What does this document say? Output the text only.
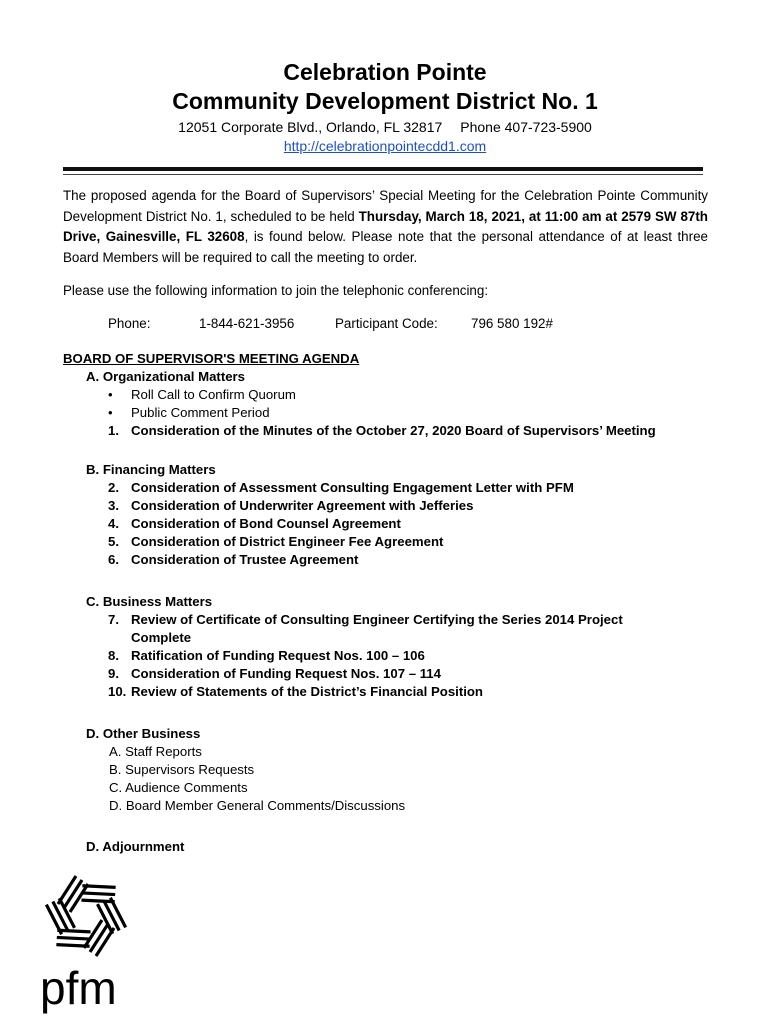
Celebration Pointe
Community Development District No. 1
12051 Corporate Blvd., Orlando, FL 32817 Phone 407-723-5900
http://celebrationpointecdd1.com
The proposed agenda for the Board of Supervisors’ Special Meeting for the Celebration Pointe Community Development District No. 1, scheduled to be held Thursday, March 18, 2021, at 11:00 am at 2579 SW 87th Drive, Gainesville, FL 32608, is found below. Please note that the personal attendance of at least three Board Members will be required to call the meeting to order.
Please use the following information to join the telephonic conferencing:
Phone:	1-844-621-3956	Participant Code: 796 580 192#
BOARD OF SUPERVISOR'S MEETING AGENDA
A. Organizational Matters
• Roll Call to Confirm Quorum
• Public Comment Period
1. Consideration of the Minutes of the October 27, 2020 Board of Supervisors’ Meeting
B. Financing Matters
2. Consideration of Assessment Consulting Engagement Letter with PFM
3. Consideration of Underwriter Agreement with Jefferies
4. Consideration of Bond Counsel Agreement
5. Consideration of District Engineer Fee Agreement
6. Consideration of Trustee Agreement
C. Business Matters
7. Review of Certificate of Consulting Engineer Certifying the Series 2014 Project Complete
8. Ratification of Funding Request Nos. 100 – 106
9. Consideration of Funding Request Nos. 107 – 114
10. Review of Statements of the District’s Financial Position
D. Other Business
A. Staff Reports
B. Supervisors Requests
C. Audience Comments
D. Board Member General Comments/Discussions
D. Adjournment
pfm
